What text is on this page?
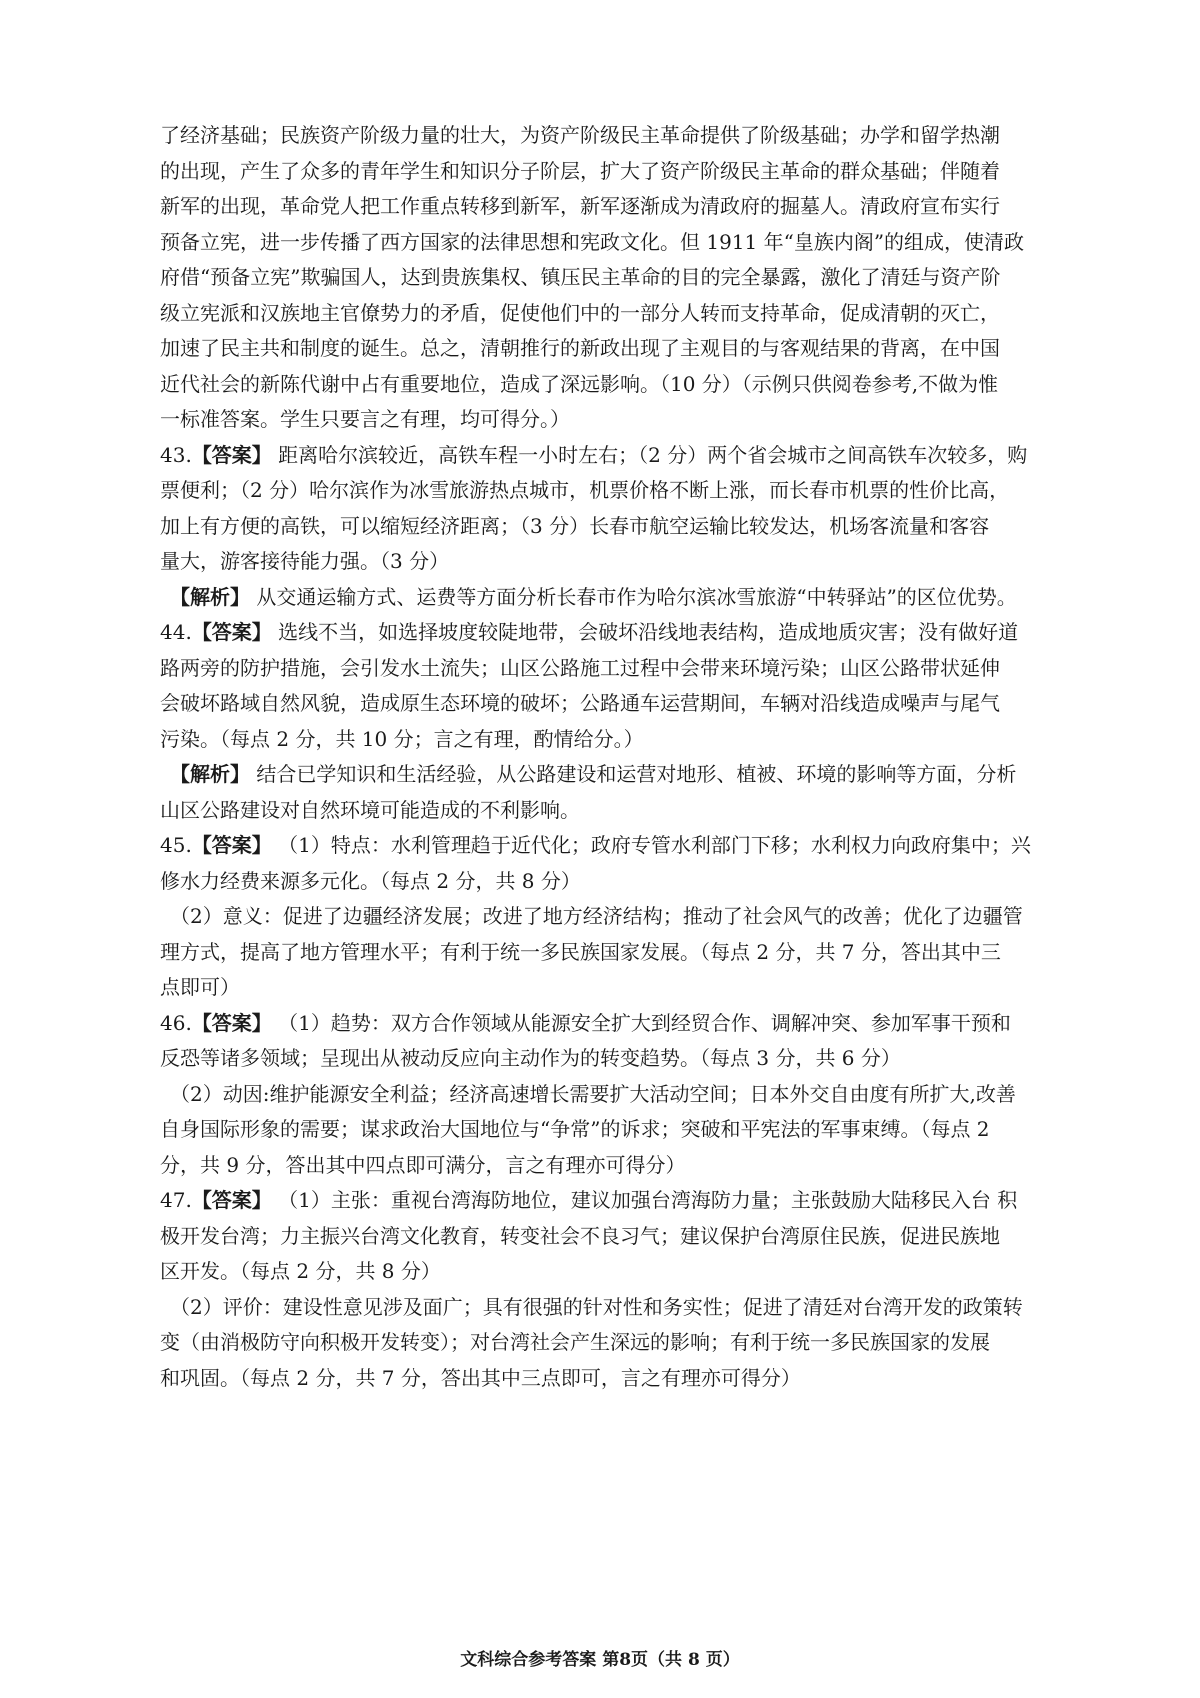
了经济基础；民族资产阶级力量的壮大，为资产阶级民主革命提供了阶级基础；办学和留学热潮
的出现，产生了众多的青年学生和知识分子阶层，扩大了资产阶级民主革命的群众基础；伴随着
新军的出现，革命党人把工作重点转移到新军，新军逐渐成为清政府的掘墓人。清政府宣布实行
预备立宪，进一步传播了西方国家的法律思想和宪政文化。但 1911 年“皇族内阁”的组成，使清政
府借“预备立宪”欺骗国人，达到贵族集权、镇压民主革命的目的完全暴露，激化了清廷与资产阶
级立宪派和汉族地主官僚势力的矛盾，促使他们中的一部分人转而支持革命，促成清朝的灭亡，
加速了民主共和制度的诞生。总之，清朝推行的新政出现了主观目的与客观结果的背离，在中国
近代社会的新陈代谢中占有重要地位，造成了深远影响。（10 分）（示例只供阅卷参考,不做为惟
一标准答案。学生只要言之有理，均可得分。）
43.【答案】 距离哈尔滨较近，高铁车程一小时左右；（2 分）两个省会城市之间高铁车次较多，购
票便利；（2 分）哈尔滨作为冰雪旅游热点城市，机票价格不断上涨，而长春市机票的性价比高，
加上有方便的高铁，可以缩短经济距离；（3 分）长春市航空运输比较发达，机场客流量和客容
量大，游客接待能力强。（3 分）
【解析】 从交通运输方式、运费等方面分析长春市作为哈尔滨冰雪旅游“中转驿站”的区位优势。
44.【答案】 选线不当，如选择坡度较陡地带，会破坏沿线地表结构，造成地质灾害；没有做好道
路两旁的防护措施，会引发水土流失；山区公路施工过程中会带来环境污染；山区公路带状延伸
会破坏路域自然风貌，造成原生态环境的破坏；公路通车运营期间，车辆对沿线造成噪声与尾气
污染。（每点 2 分，共 10 分；言之有理，酌情给分。）
【解析】 结合已学知识和生活经验，从公路建设和运营对地形、植被、环境的影响等方面，分析
山区公路建设对自然环境可能造成的不利影响。
45.【答案】 （1）特点：水利管理趋于近代化；政府专管水利部门下移；水利权力向政府集中；兴
修水力经费来源多元化。（每点 2 分，共 8 分）
（2）意义：促进了边疆经济发展；改进了地方经济结构；推动了社会风气的改善；优化了边疆管
理方式，提高了地方管理水平；有利于统一多民族国家发展。（每点 2 分，共 7 分，答出其中三
点即可）
46.【答案】 （1）趋势：双方合作领域从能源安全扩大到经贸合作、调解冲突、参加军事干预和
反恐等诸多领域；呈现出从被动反应向主动作为的转变趋势。（每点 3 分，共 6 分）
（2）动因:维护能源安全利益；经济高速增长需要扩大活动空间；日本外交自由度有所扩大,改善
自身国际形象的需要；谋求政治大国地位与“争常”的诉求；突破和平宪法的军事束缚。（每点 2
分，共 9 分，答出其中四点即可满分，言之有理亦可得分）
47.【答案】 （1）主张：重视台湾海防地位，建议加强台湾海防力量；主张鼓励大陆移民入台 积
极开发台湾；力主振兴台湾文化教育，转变社会不良习气；建议保护台湾原住民族，促进民族地
区开发。（每点 2 分，共 8 分）
（2）评价：建设性意见涉及面广；具有很强的针对性和务实性；促进了清廷对台湾开发的政策转
变（由消极防守向积极开发转变）；对台湾社会产生深远的影响；有利于统一多民族国家的发展
和巩固。（每点 2 分，共 7 分，答出其中三点即可，言之有理亦可得分）
文科综合参考答案 第8页（共 8 页）
